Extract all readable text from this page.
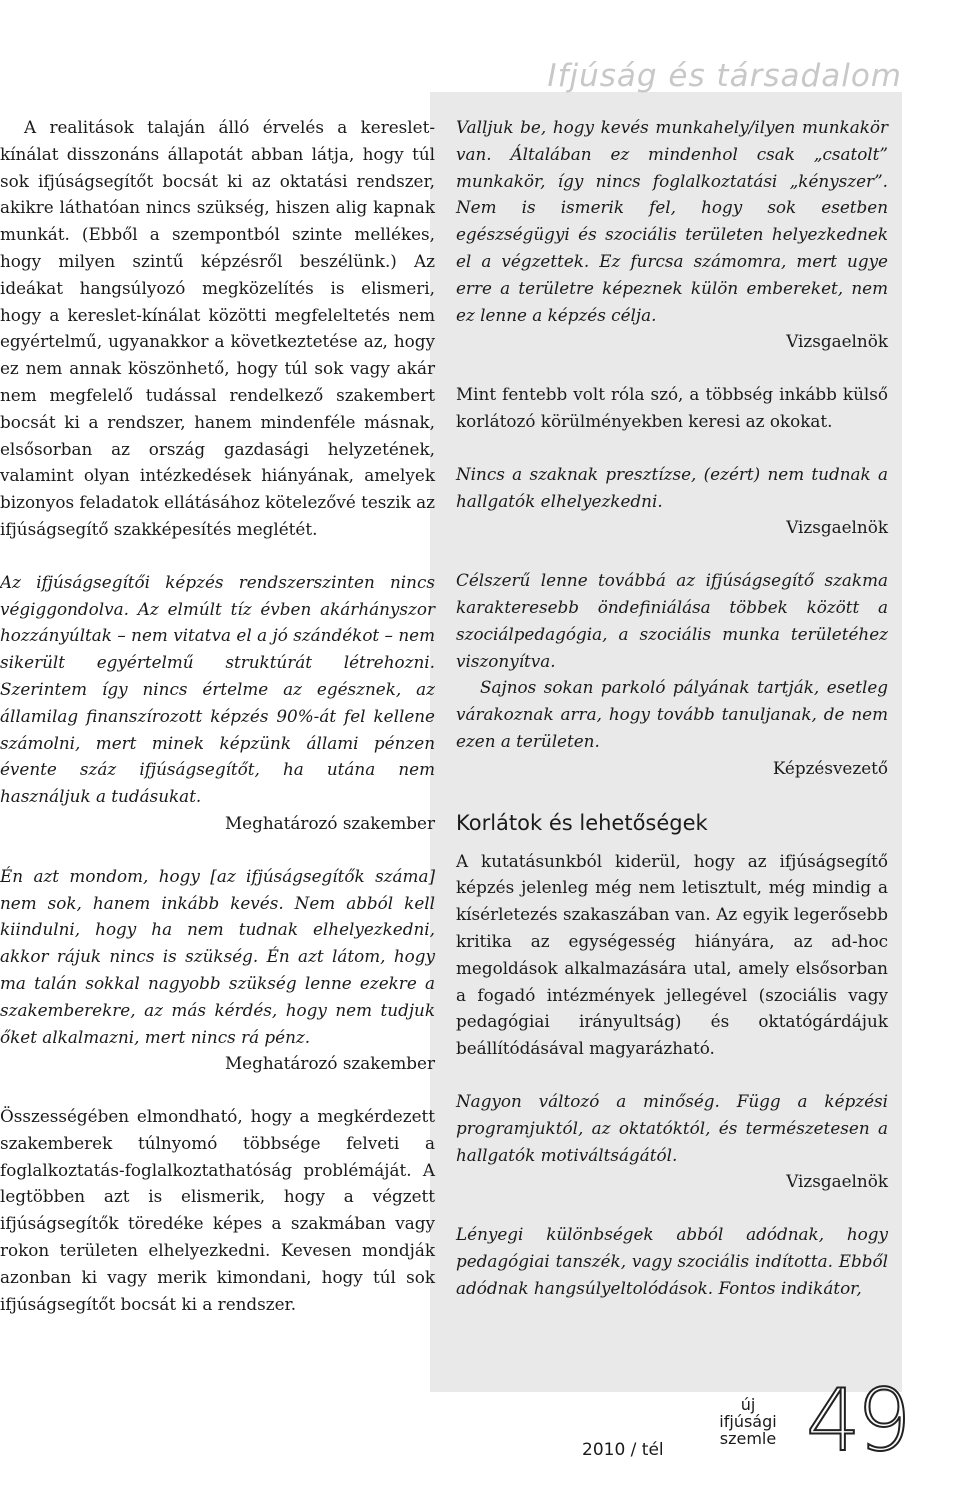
Ifjúság és társadalom

A realitások talaján álló érvelés a kereslet-kínálat disszonáns állapotát abban látja, hogy túl sok ifjúságsegítőt bocsát ki az oktatási rendszer, akikre láthatóan nincs szükség, hiszen alig kapnak munkát. (Ebből a szempontból szinte mellékes, hogy milyen szintű képzésről beszélünk.) Az ideákat hangsúlyozó megközelítés is elismeri, hogy a kereslet-kínálat közötti megfeleltetés nem egyértelmű, ugyanakkor a következtetése az, hogy ez nem annak köszönhető, hogy túl sok vagy akár nem megfelelő tudással rendelkező szakembert bocsát ki a rendszer, hanem mindenféle másnak, elsősorban az ország gazdasági helyzetének, valamint olyan intézkedések hiányának, amelyek bizonyos feladatok ellátásához kötelezővé teszik az ifjúságsegítő szakképesítés meglétét.

Az ifjúságsegítői képzés rendszerszinten nincs végiggondolva. Az elmúlt tíz évben akárhányszor hozzányúltak – nem vitatva el a jó szándékot – nem sikerült egyértelmű struktúrát létrehozni. Szerintem így nincs értelme az egésznek, az államilag finanszírozott képzés 90%-át fel kellene számolni, mert minek képzünk állami pénzen évente száz ifjúságsegítőt, ha utána nem használjuk a tudásukat.

Meghatározó szakember

Én azt mondom, hogy [az ifjúságsegítők száma] nem sok, hanem inkább kevés. Nem abból kell kiindulni, hogy ha nem tudnak elhelyezkedni, akkor rájuk nincs is szükség. Én azt látom, hogy ma talán sokkal nagyobb szükség lenne ezekre a szakemberekre, az más kérdés, hogy nem tudjuk őket alkalmazni, mert nincs rá pénz.

Meghatározó szakember

Összességében elmondható, hogy a megkérdezett szakemberek túlnyomó többsége felveti a foglalkoztatás-foglalkoztathatóság problémáját. A legtöbben azt is elismerik, hogy a végzett ifjúságsegítők töredéke képes a szakmában vagy rokon területen elhelyezkedni. Kevesen mondják azonban ki vagy merik kimondani, hogy túl sok ifjúságsegítőt bocsát ki a rendszer.

Valljuk be, hogy kevés munkahely/ilyen munkakör van. Általában ez mindenhol csak „csatolt” munkakör, így nincs foglalkoztatási „kényszer”. Nem is ismerik fel, hogy sok esetben egészségügyi és szociális területen helyezkednek el a végzettek. Ez furcsa számomra, mert ugye erre a területre képeznek külön embereket, nem ez lenne a képzés célja.

Vizsgaelnök

Mint fentebb volt róla szó, a többség inkább külső korlátozó körülményekben keresi az okokat.

Nincs a szaknak presztízse, (ezért) nem tudnak a hallgatók elhelyezkedni.

Vizsgaelnök

Célszerű lenne továbbá az ifjúságsegítő szakma karakteresebb öndefiniálása többek között a szociálpedagógia, a szociális munka területéhez viszonyítva.

Sajnos sokan parkoló pályának tartják, esetleg várakoznak arra, hogy tovább tanuljanak, de nem ezen a területen.

Képzésvezető

Korlátok és lehetőségek

A kutatásunkból kiderül, hogy az ifjúságsegítő képzés jelenleg még nem letisztult, még mindig a kísérletezés szakaszában van. Az egyik legerősebb kritika az egységesség hiányára, az ad-hoc megoldások alkalmazására utal, amely elsősorban a fogadó intézmények jellegével (szociális vagy pedagógiai irányultság) és oktatógárdájuk beállítódásával magyarázható.

Nagyon változó a minőség. Függ a képzési programjuktól, az oktatóktól, és természetesen a hallgatók motiváltságától.

Vizsgaelnök

Lényegi különbségek abból adódnak, hogy pedagógiai tanszék, vagy szociális indította. Ebből adódnak hangsúlyeltolódások. Fontos indikátor,

2010 / tél
új
ifjúsági
szemle 49
